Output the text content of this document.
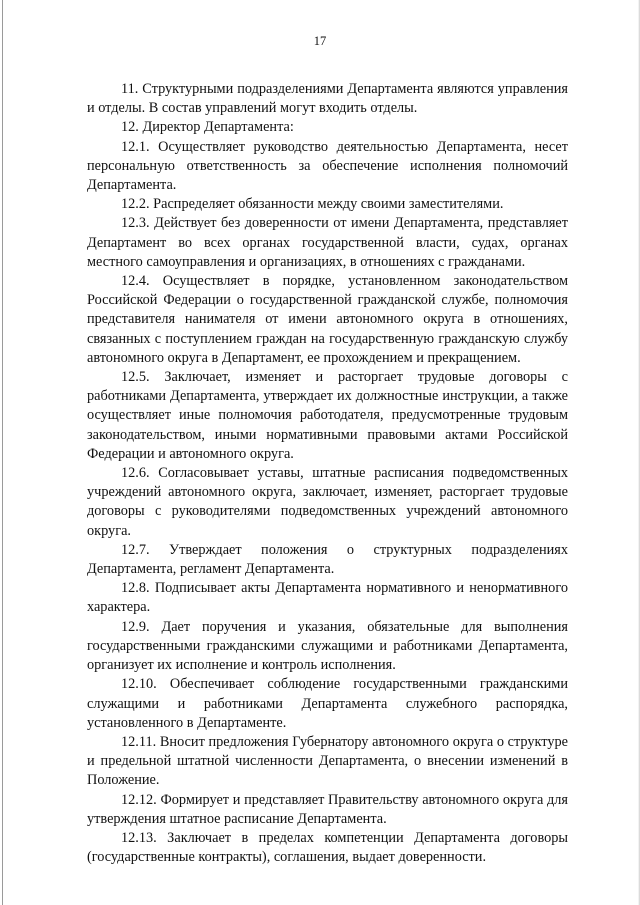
17

11. Структурными подразделениями Департамента являются управления и отделы. В состав управлений могут входить отделы.

12. Директор Департамента:

12.1. Осуществляет руководство деятельностью Департамента, несет персональную ответственность за обеспечение исполнения полномочий Департамента.

12.2. Распределяет обязанности между своими заместителями.

12.3. Действует без доверенности от имени Департамента, представляет Департамент во всех органах государственной власти, судах, органах местного самоуправления и организациях, в отношениях с гражданами.

12.4. Осуществляет в порядке, установленном законодательством Российской Федерации о государственной гражданской службе, полномочия представителя нанимателя от имени автономного округа в отношениях, связанных с поступлением граждан на государственную гражданскую службу автономного округа в Департамент, ее прохождением и прекращением.

12.5. Заключает, изменяет и расторгает трудовые договоры с работниками Департамента, утверждает их должностные инструкции, а также осуществляет иные полномочия работодателя, предусмотренные трудовым законодательством, иными нормативными правовыми актами Российской Федерации и автономного округа.

12.6. Согласовывает уставы, штатные расписания подведомственных учреждений автономного округа, заключает, изменяет, расторгает трудовые договоры с руководителями подведомственных учреждений автономного округа.

12.7. Утверждает положения о структурных подразделениях Департамента, регламент Департамента.

12.8. Подписывает акты Департамента нормативного и ненормативного характера.

12.9. Дает поручения и указания, обязательные для выполнения государственными гражданскими служащими и работниками Департамента, организует их исполнение и контроль исполнения.

12.10. Обеспечивает соблюдение государственными гражданскими служащими и работниками Департамента служебного распорядка, установленного в Департаменте.

12.11. Вносит предложения Губернатору автономного округа о структуре и предельной штатной численности Департамента, о внесении изменений в Положение.

12.12. Формирует и представляет Правительству автономного округа для утверждения штатное расписание Департамента.

12.13. Заключает в пределах компетенции Департамента договоры (государственные контракты), соглашения, выдает доверенности.
